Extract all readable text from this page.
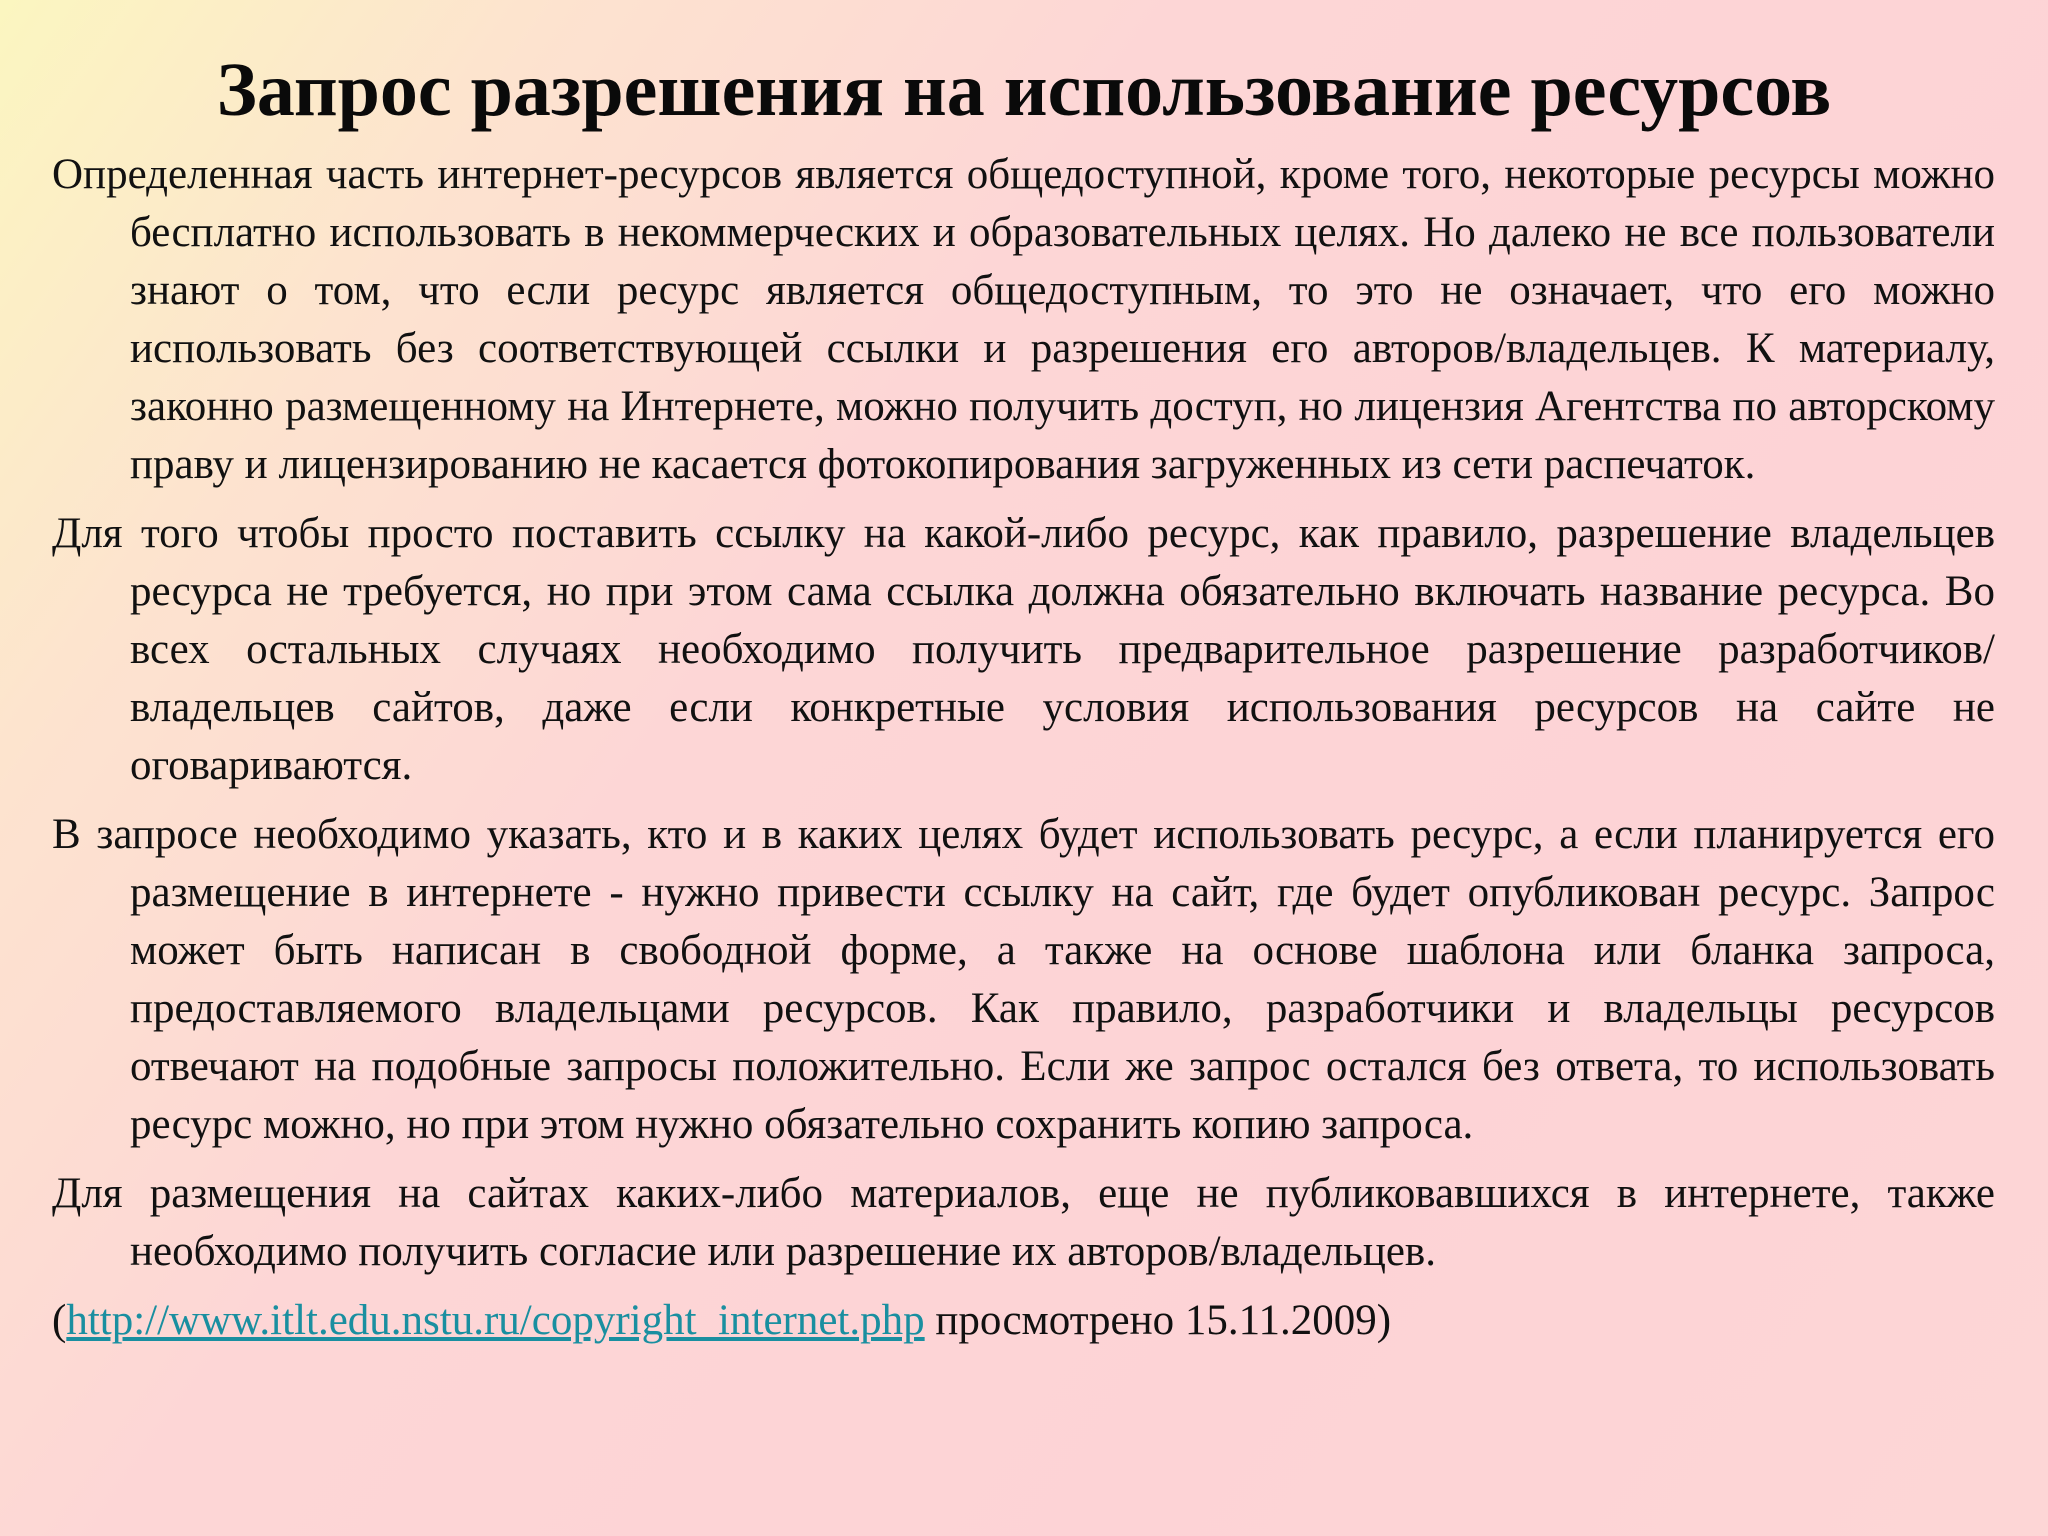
Запрос разрешения на использование ресурсов

Определенная часть интернет-ресурсов является общедоступной, кроме того, некоторые ресурсы можно бесплатно использовать в некоммерческих и образовательных целях. Но далеко не все пользователи знают о том, что если ресурс является общедоступным, то это не означает, что его можно использовать без соответствующей ссылки и разрешения его авторов/владельцев. К материалу, законно размещенному на Интернете, можно получить доступ, но лицензия Агентства по авторскому праву и лицензированию не касается фотокопирования загруженных из сети распечаток.

Для того чтобы просто поставить ссылку на какой-либо ресурс, как правило, разрешение владельцев ресурса не требуется, но при этом сама ссылка должна обязательно включать название ресурса. Во всех остальных случаях необходимо получить предварительное разрешение разработчиков/владельцев сайтов, даже если конкретные условия использования ресурсов на сайте не оговариваются.

В запросе необходимо указать, кто и в каких целях будет использовать ресурс, а если планируется его размещение в интернете - нужно привести ссылку на сайт, где будет опубликован ресурс. Запрос может быть написан в свободной форме, а также на основе шаблона или бланка запроса, предоставляемого владельцами ресурсов. Как правило, разработчики и владельцы ресурсов отвечают на подобные запросы положительно. Если же запрос остался без ответа, то использовать ресурс можно, но при этом нужно обязательно сохранить копию запроса.

Для размещения на сайтах каких-либо материалов, еще не публиковавшихся в интернете, также необходимо получить согласие или разрешение их авторов/владельцев.

(http://www.itlt.edu.nstu.ru/copyright_internet.php просмотрено 15.11.2009)
